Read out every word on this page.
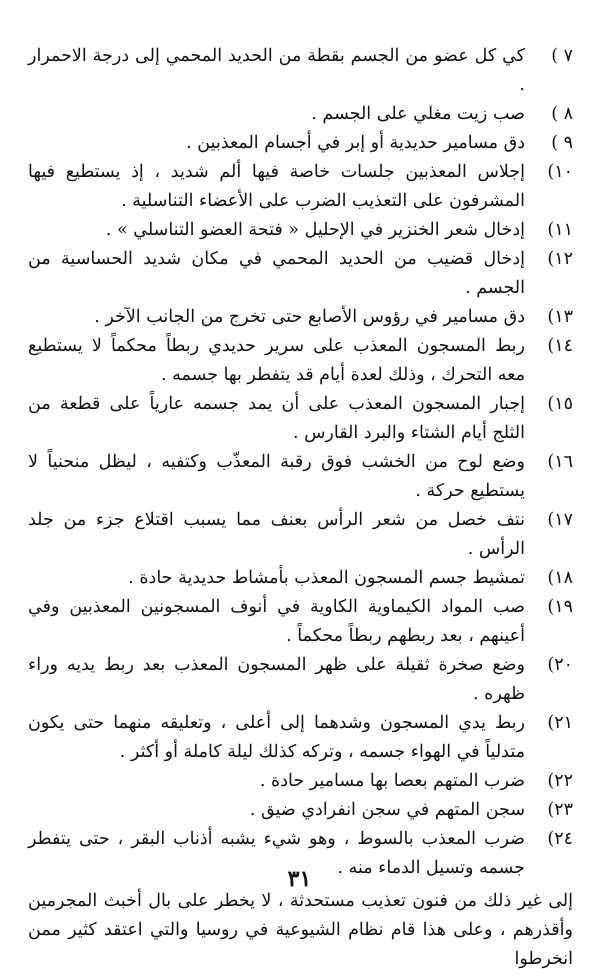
٧ )
كي كل عضو من الجسم بقطة من الحديد المحمي إلى درجة الاحمرار .
٨ )
صب زيت مغلي على الجسم .
٩ )
دق مسامير حديدية أو إبر في أجسام المعذبين .
١٠)
إجلاس المعذبين جلسات خاصة فيها ألم شديد ، إذ يستطيع فيها المشرفون على التعذيب الضرب على الأعضاء التناسلية .
١١)
إدخال شعر الخنزير في الإحليل « فتحة العضو التناسلي » .
١٢)
إدخال قضيب من الحديد المحمي في مكان شديد الحساسية من الجسم .
١٣)
دق مسامير في رؤوس الأصابع حتى تخرج من الجانب الآخر .
١٤)
ربط المسجون المعذب على سرير حديدي ربطاً محكماً لا يستطيع معه التحرك ، وذلك لعدة أيام قد يتفطر بها جسمه .
١٥)
إجبار المسجون المعذب على أن يمد جسمه عارياً على قطعة من الثلج أيام الشتاء والبرد القارس .
١٦)
وضع لوح من الخشب فوق رقبة المعذّب وكتفيه ، ليظل منحنياً لا يستطيع حركة .
١٧)
نتف خصل من شعر الرأس بعنف مما يسبب اقتلاع جزء من جلد الرأس .
١٨)
تمشيط جسم المسجون المعذب بأمشاط حديدية حادة .
١٩)
صب المواد الكيماوية الكاوية في أنوف المسجونين المعذبين وفي أعينهم ، بعد ربطهم ربطاً محكماً .
٢٠)
وضع صخرة ثقيلة على ظهر المسجون المعذب بعد ربط يديه وراء ظهره .
٢١)
ربط يدي المسجون وشدهما إلى أعلى ، وتعليقه منهما حتى يكون متدلياً في الهواء جسمه ، وتركه كذلك ليلة كاملة أو أكثر .
٢٢)
ضرب المتهم بعصا بها مسامير حادة .
٢٣)
سجن المتهم في سجن انفرادي ضيق .
٢٤)
ضرب المعذب بالسوط ، وهو شيء يشبه أذناب البقر ، حتى يتفطر جسمه وتسيل الدماء منه .
إلى غير ذلك من فنون تعذيب مستحدثة ، لا يخطر على بال أخبث المجرمين وأقذرهم ، وعلى هذا قام نظام الشيوعية في روسيا والتي اعتقد كثير ممن انخرطوا
٣١
